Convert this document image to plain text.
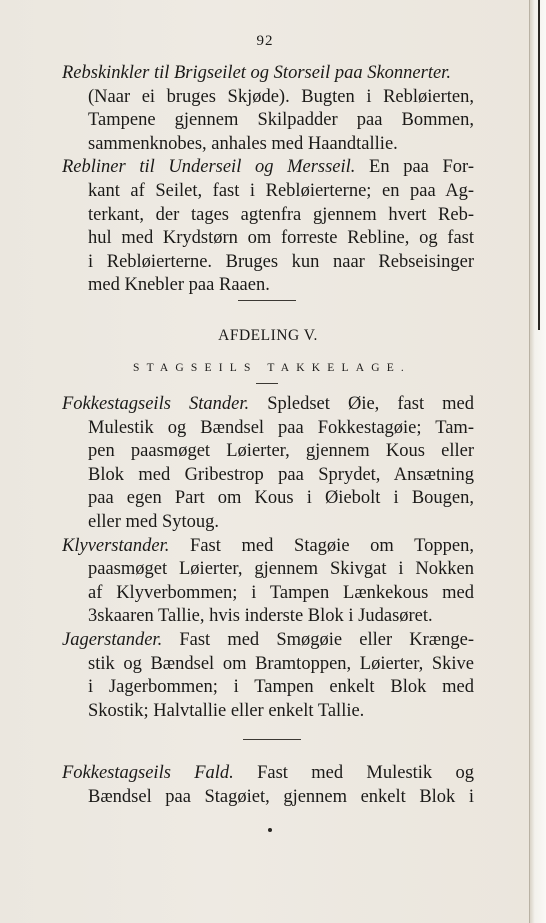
92
Rebskinkler til Brigseilet og Storseil paa Skonnerter.
(Naar ei bruges Skjøde). Bugten i Rebløierten,
Tampene gjennem Skilpadder paa Bommen,
sammenknobes, anhales med Haandtallie.
Rebliner til Underseil og Mersseil. En paa For-
kant af Seilet, fast i Rebløierterne; en paa Ag-
terkant, der tages agtenfra gjennem hvert Reb-
hul med Krydstørn om forreste Rebline, og fast
i Rebløierterne. Bruges kun naar Rebseisinger
med Knebler paa Raaen.
AFDELING V.
STAGSEILS TAKKELAGE.
Fokkestagseils Stander. Spledset Øie, fast med
Mulestik og Bændsel paa Fokkestagøie; Tam-
pen paasmøget Løierter, gjennem Kous eller
Blok med Gribestrop paa Sprydet, Ansætning
paa egen Part om Kous i Øiebolt i Bougen,
eller med Sytoug.
Klyverstander. Fast med Stagøie om Toppen,
paasmøget Løierter, gjennem Skivgat i Nokken
af Klyverbommen; i Tampen Lænkekous med
3skaaren Tallie, hvis inderste Blok i Judasøret.
Jagerstander. Fast med Smøgøie eller Krænge-
stik og Bændsel om Bramtoppen, Løierter, Skive
i Jagerbommen; i Tampen enkelt Blok med
Skostik; Halvtallie eller enkelt Tallie.
Fokkestagseils Fald. Fast med Mulestik og
Bændsel paa Stagøiet, gjennem enkelt Blok i
